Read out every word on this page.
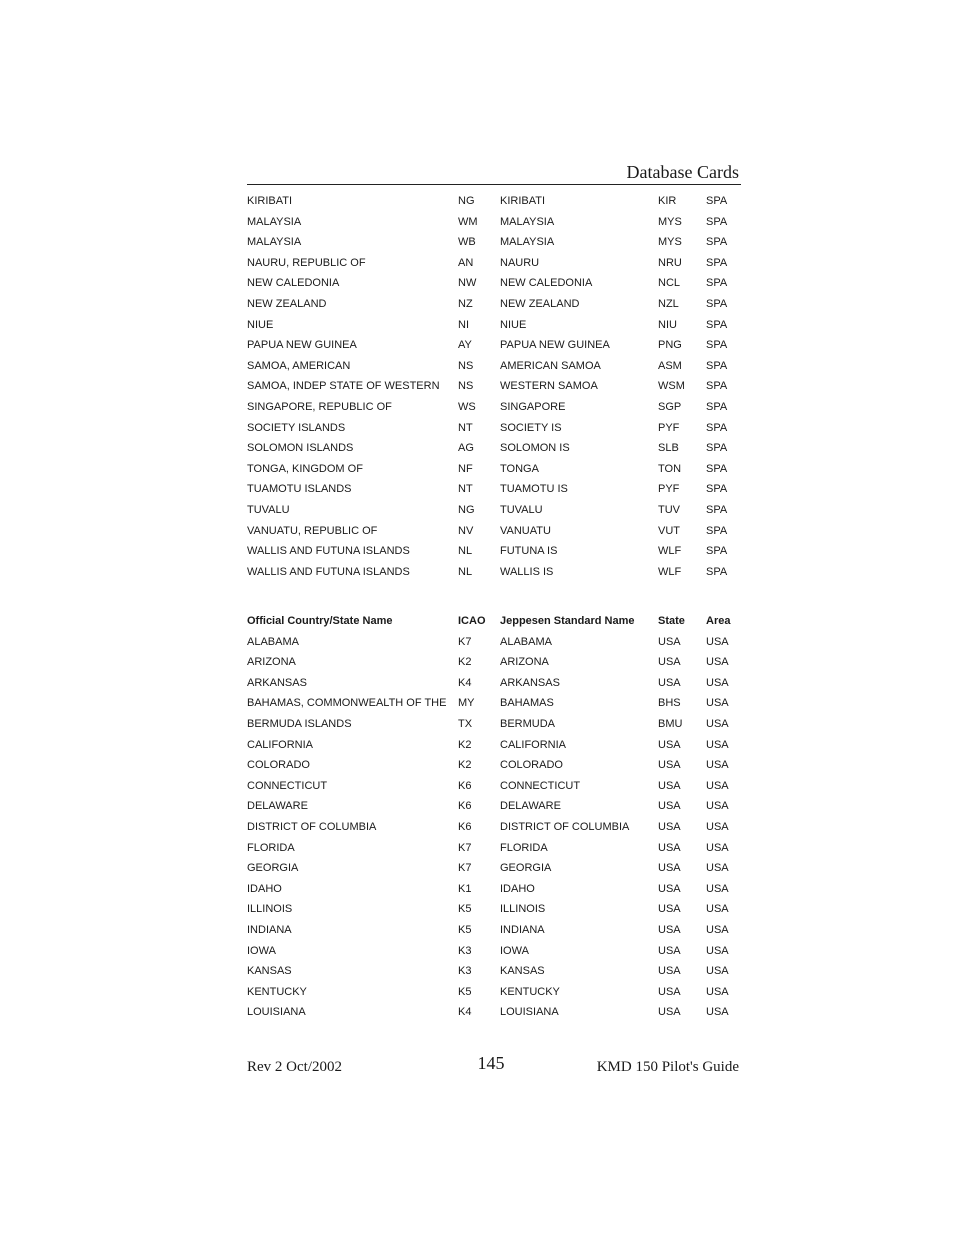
Database Cards
KIRIBATI	NG	KIRIBATI	KIR	SPA
MALAYSIA	WM	MALAYSIA	MYS	SPA
MALAYSIA	WB	MALAYSIA	MYS	SPA
NAURU, REPUBLIC OF	AN	NAURU	NRU	SPA
NEW CALEDONIA	NW	NEW CALEDONIA	NCL	SPA
NEW ZEALAND	NZ	NEW ZEALAND	NZL	SPA
NIUE	NI	NIUE	NIU	SPA
PAPUA NEW GUINEA	AY	PAPUA NEW GUINEA	PNG	SPA
SAMOA, AMERICAN	NS	AMERICAN SAMOA	ASM	SPA
SAMOA, INDEP STATE OF WESTERN	NS	WESTERN SAMOA	WSM	SPA
SINGAPORE, REPUBLIC OF	WS	SINGAPORE	SGP	SPA
SOCIETY ISLANDS	NT	SOCIETY IS	PYF	SPA
SOLOMON ISLANDS	AG	SOLOMON IS	SLB	SPA
TONGA, KINGDOM OF	NF	TONGA	TON	SPA
TUAMOTU ISLANDS	NT	TUAMOTU IS	PYF	SPA
TUVALU	NG	TUVALU	TUV	SPA
VANUATU, REPUBLIC OF	NV	VANUATU	VUT	SPA
WALLIS AND FUTUNA ISLANDS	NL	FUTUNA IS	WLF	SPA
WALLIS AND FUTUNA ISLANDS	NL	WALLIS IS	WLF	SPA
Official Country/State Name	ICAO	Jeppesen Standard Name	State	Area
ALABAMA	K7	ALABAMA	USA	USA
ARIZONA	K2	ARIZONA	USA	USA
ARKANSAS	K4	ARKANSAS	USA	USA
BAHAMAS, COMMONWEALTH OF THE	MY	BAHAMAS	BHS	USA
BERMUDA ISLANDS	TX	BERMUDA	BMU	USA
CALIFORNIA	K2	CALIFORNIA	USA	USA
COLORADO	K2	COLORADO	USA	USA
CONNECTICUT	K6	CONNECTICUT	USA	USA
DELAWARE	K6	DELAWARE	USA	USA
DISTRICT OF COLUMBIA	K6	DISTRICT OF COLUMBIA	USA	USA
FLORIDA	K7	FLORIDA	USA	USA
GEORGIA	K7	GEORGIA	USA	USA
IDAHO	K1	IDAHO	USA	USA
ILLINOIS	K5	ILLINOIS	USA	USA
INDIANA	K5	INDIANA	USA	USA
IOWA	K3	IOWA	USA	USA
KANSAS	K3	KANSAS	USA	USA
KENTUCKY	K5	KENTUCKY	USA	USA
LOUISIANA	K4	LOUISIANA	USA	USA
Rev 2 Oct/2002	145	KMD 150 Pilot's Guide
